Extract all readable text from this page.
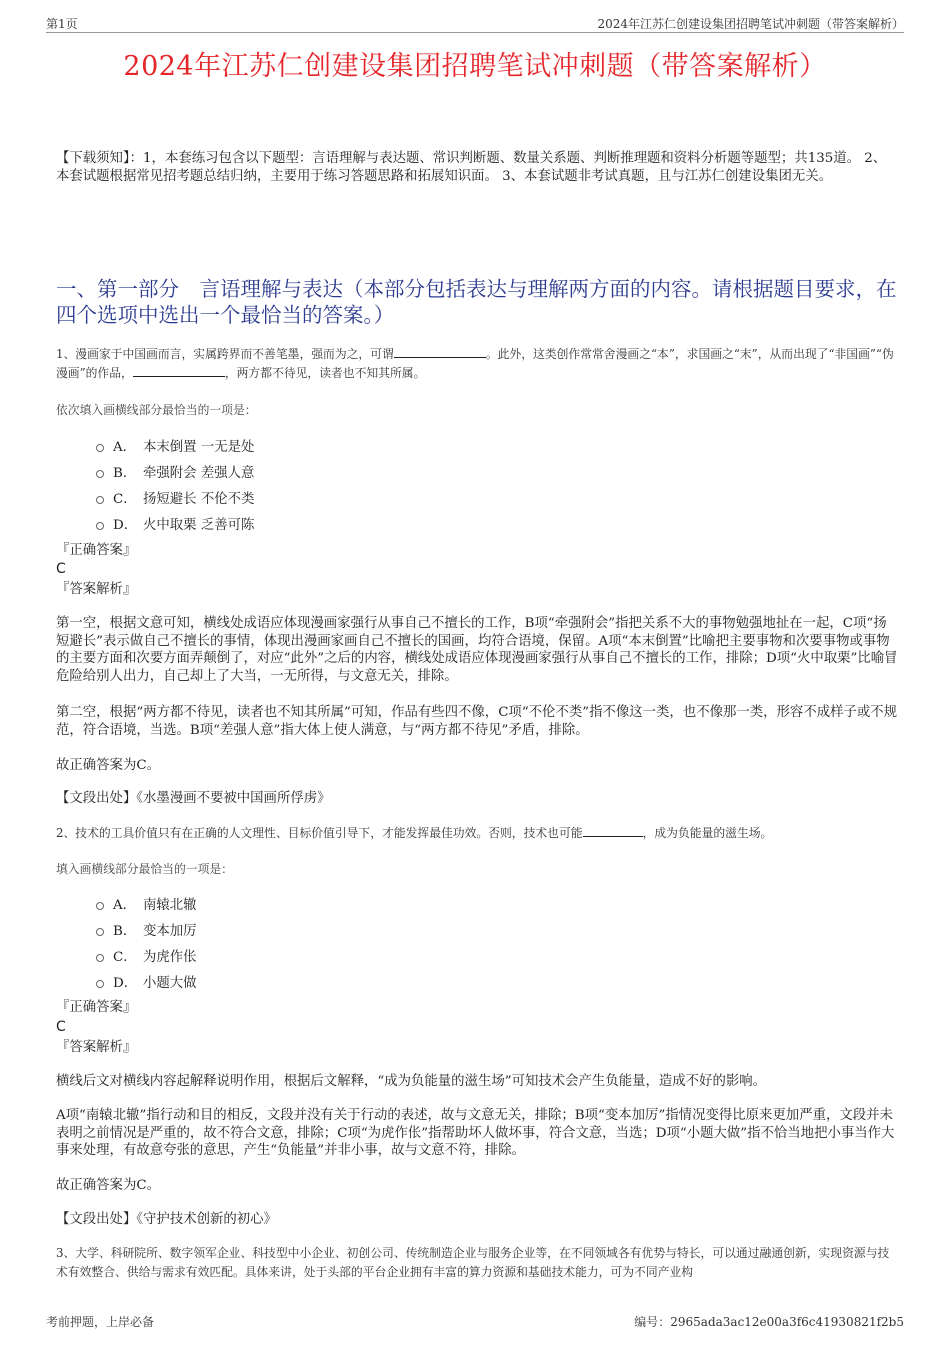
第1页	2024年江苏仁创建设集团招聘笔试冲刺题（带答案解析）
2024年江苏仁创建设集团招聘笔试冲刺题（带答案解析）
【下载须知】：1，本套练习包含以下题型：言语理解与表达题、常识判断题、数量关系题、判断推理题和资料分析题等题型；共135道。 2、本套试题根据常见招考题总结归纳，主要用于练习答题思路和拓展知识面。 3、本套试题非考试真题，且与江苏仁创建设集团无关。
一、第一部分　言语理解与表达（本部分包括表达与理解两方面的内容。请根据题目要求，在四个选项中选出一个最恰当的答案。）
1、漫画家于中国画而言，实属跨界而不善笔墨，强而为之，可谓	。此外，这类创作常常舍漫画之“本”，求国画之“末”，从而出现了“非国画”“伪漫画”的作品，	，两方都不待见，读者也不知其所属。
依次填入画横线部分最恰当的一项是：
A． 本末倒置 一无是处
B． 牵强附会 差强人意
C． 扬短避长 不伦不类
D． 火中取栗 乏善可陈
『正确答案』
C
『答案解析』
第一空，根据文意可知，横线处成语应体现漫画家强行从事自己不擅长的工作，B项“牵强附会”指把关系不大的事物勉强地扯在一起，C项“扬短避长”表示做自己不擅长的事情，体现出漫画家画自己不擅长的国画，均符合语境，保留。A项“本末倒置”比喻把主要事物和次要事物或事物的主要方面和次要方面弄颠倒了，对应“此外”之后的内容，横线处成语应体现漫画家强行从事自己不擅长的工作，排除；D项“火中取栗”比喻冒危险给别人出力，自己却上了大当，一无所得，与文意无关，排除。
第二空，根据“两方都不待见，读者也不知其所属”可知，作品有些四不像，C项“不伦不类”指不像这一类，也不像那一类，形容不成样子或不规范，符合语境，当选。B项“差强人意”指大体上使人满意，与“两方都不待见”矛盾，排除。
故正确答案为C。
【文段出处】《水墨漫画不要被中国画所俘虏》
2、技术的工具价值只有在正确的人文理性、目标价值引导下，才能发挥最佳功效。否则，技术也可能	，成为负能量的滋生场。
填入画横线部分最恰当的一项是：
A． 南辕北辙
B． 变本加厉
C． 为虎作伥
D． 小题大做
『正确答案』
C
『答案解析』
横线后文对横线内容起解释说明作用，根据后文解释，“成为负能量的滋生场”可知技术会产生负能量，造成不好的影响。
A项“南辕北辙”指行动和目的相反，文段并没有关于行动的表述，故与文意无关，排除；B项“变本加厉”指情况变得比原来更加严重，文段并未表明之前情况是严重的，故不符合文意，排除；C项“为虎作伥”指帮助坏人做坏事，符合文意，当选；D项“小题大做”指不恰当地把小事当作大事来处理，有故意夸张的意思，产生“负能量”并非小事，故与文意不符，排除。
故正确答案为C。
【文段出处】《守护技术创新的初心》
3、大学、科研院所、数字领军企业、科技型中小企业、初创公司、传统制造企业与服务企业等，在不同领域各有优势与特长，可以通过融通创新，实现资源与技术有效整合、供给与需求有效匹配。具体来讲，处于头部的平台企业拥有丰富的算力资源和基础技术能力，可为不同产业构
考前押题，上岸必备	编号：2965ada3ac12e00a3f6c41930821f2b5
